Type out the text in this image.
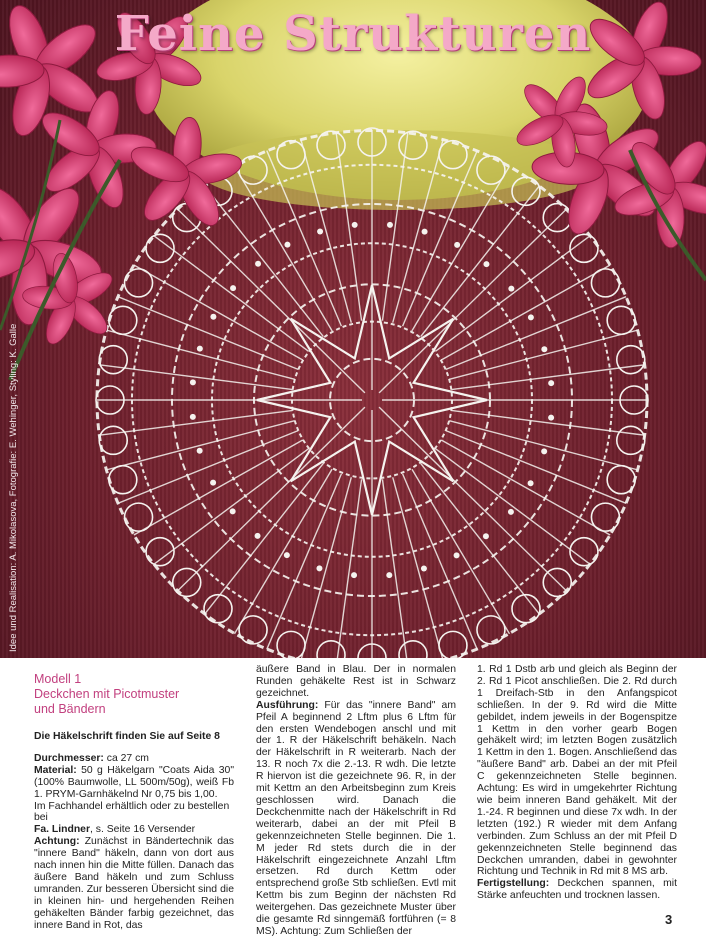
Feine Strukturen
Idee und Realisation: A. Mikolasova, Fotografie: E. Wehinger, Styling: K. Galle
Modell 1
Deckchen mit Picotmuster
und Bändern
Die Häkelschrift finden Sie auf Seite 8

Durchmesser: ca 27 cm

Material: 50 g Häkelgarn "Coats Aida 30" (100% Baumwolle, LL 500m/50g), weiß Fb 1. PRYM-Garnhäkelnd Nr 0,75 bis 1,00.

Im Fachhandel erhältlich oder zu bestellen bei
Fa. Lindner, s. Seite 16 Versender

Achtung: Zunächst in Bändertechnik das "innere Band" häkeln, dann von dort aus nach innen hin die Mitte füllen. Danach das äußere Band häkeln und zum Schluss umranden. Zur besseren Übersicht sind die in kleinen hin- und hergehenden Reihen gehäkelten Bänder farbig gezeichnet, das innere Band in Rot, das

äußere Band in Blau. Der in normalen Runden gehäkelte Rest ist in Schwarz gezeichnet.
Ausführung: Für das "innere Band" am Pfeil A beginnend 2 Lftm plus 6 Lftm für den ersten Wendebogen anschl und mit der 1. R der Häkelschrift behäkeln. Nach der Häkelschrift in R weiterarb. Nach der 13. R noch 7x die 2.-13. R wdh. Die letzte R hiervon ist die gezeichnete 96. R, in der mit Kettm an den Arbeitsbeginn zum Kreis geschlossen wird. Danach die Deckchenmitte nach der Häkelschrift in Rd weiterarb, dabei an der mit Pfeil B gekennzeichneten Stelle beginnen. Die 1. M jeder Rd stets durch die in der Häkelschrift eingezeichnete Anzahl Lftm ersetzen. Rd durch Kettm oder entsprechend große Stb schließen. Evtl mit Kettm bis zum Beginn der nächsten Rd weitergehen. Das gezeichnete Muster über die gesamte Rd sinngemäß fortführen (= 8 MS). Achtung: Zum Schließen der
1. Rd 1 Dstb arb und gleich als Beginn der 2. Rd 1 Picot anschließen. Die 2. Rd durch 1 Dreifach-Stb in den Anfangspicot schließen. In der 9. Rd wird die Mitte gebildet, indem jeweils in der Bogenspitze 1 Kettm in den vorher gearb Bogen gehäkelt wird; im letzten Bogen zusätzlich 1 Kettm in den 1. Bogen. Anschließend das "äußere Band" arb. Dabei an der mit Pfeil C gekennzeichneten Stelle beginnen. Achtung: Es wird in umgekehrter Richtung wie beim inneren Band gehäkelt. Mit der 1.-24. R beginnen und diese 7x wdh. In der letzten (192.) R wieder mit dem Anfang verbinden. Zum Schluss an der mit Pfeil D gekennzeichneten Stelle beginnend das Deckchen umranden, dabei in gewohnter Richtung und Technik in Rd mit 8 MS arb.
Fertigstellung: Deckchen spannen, mit Stärke anfeuchten und trocknen lassen.
3
